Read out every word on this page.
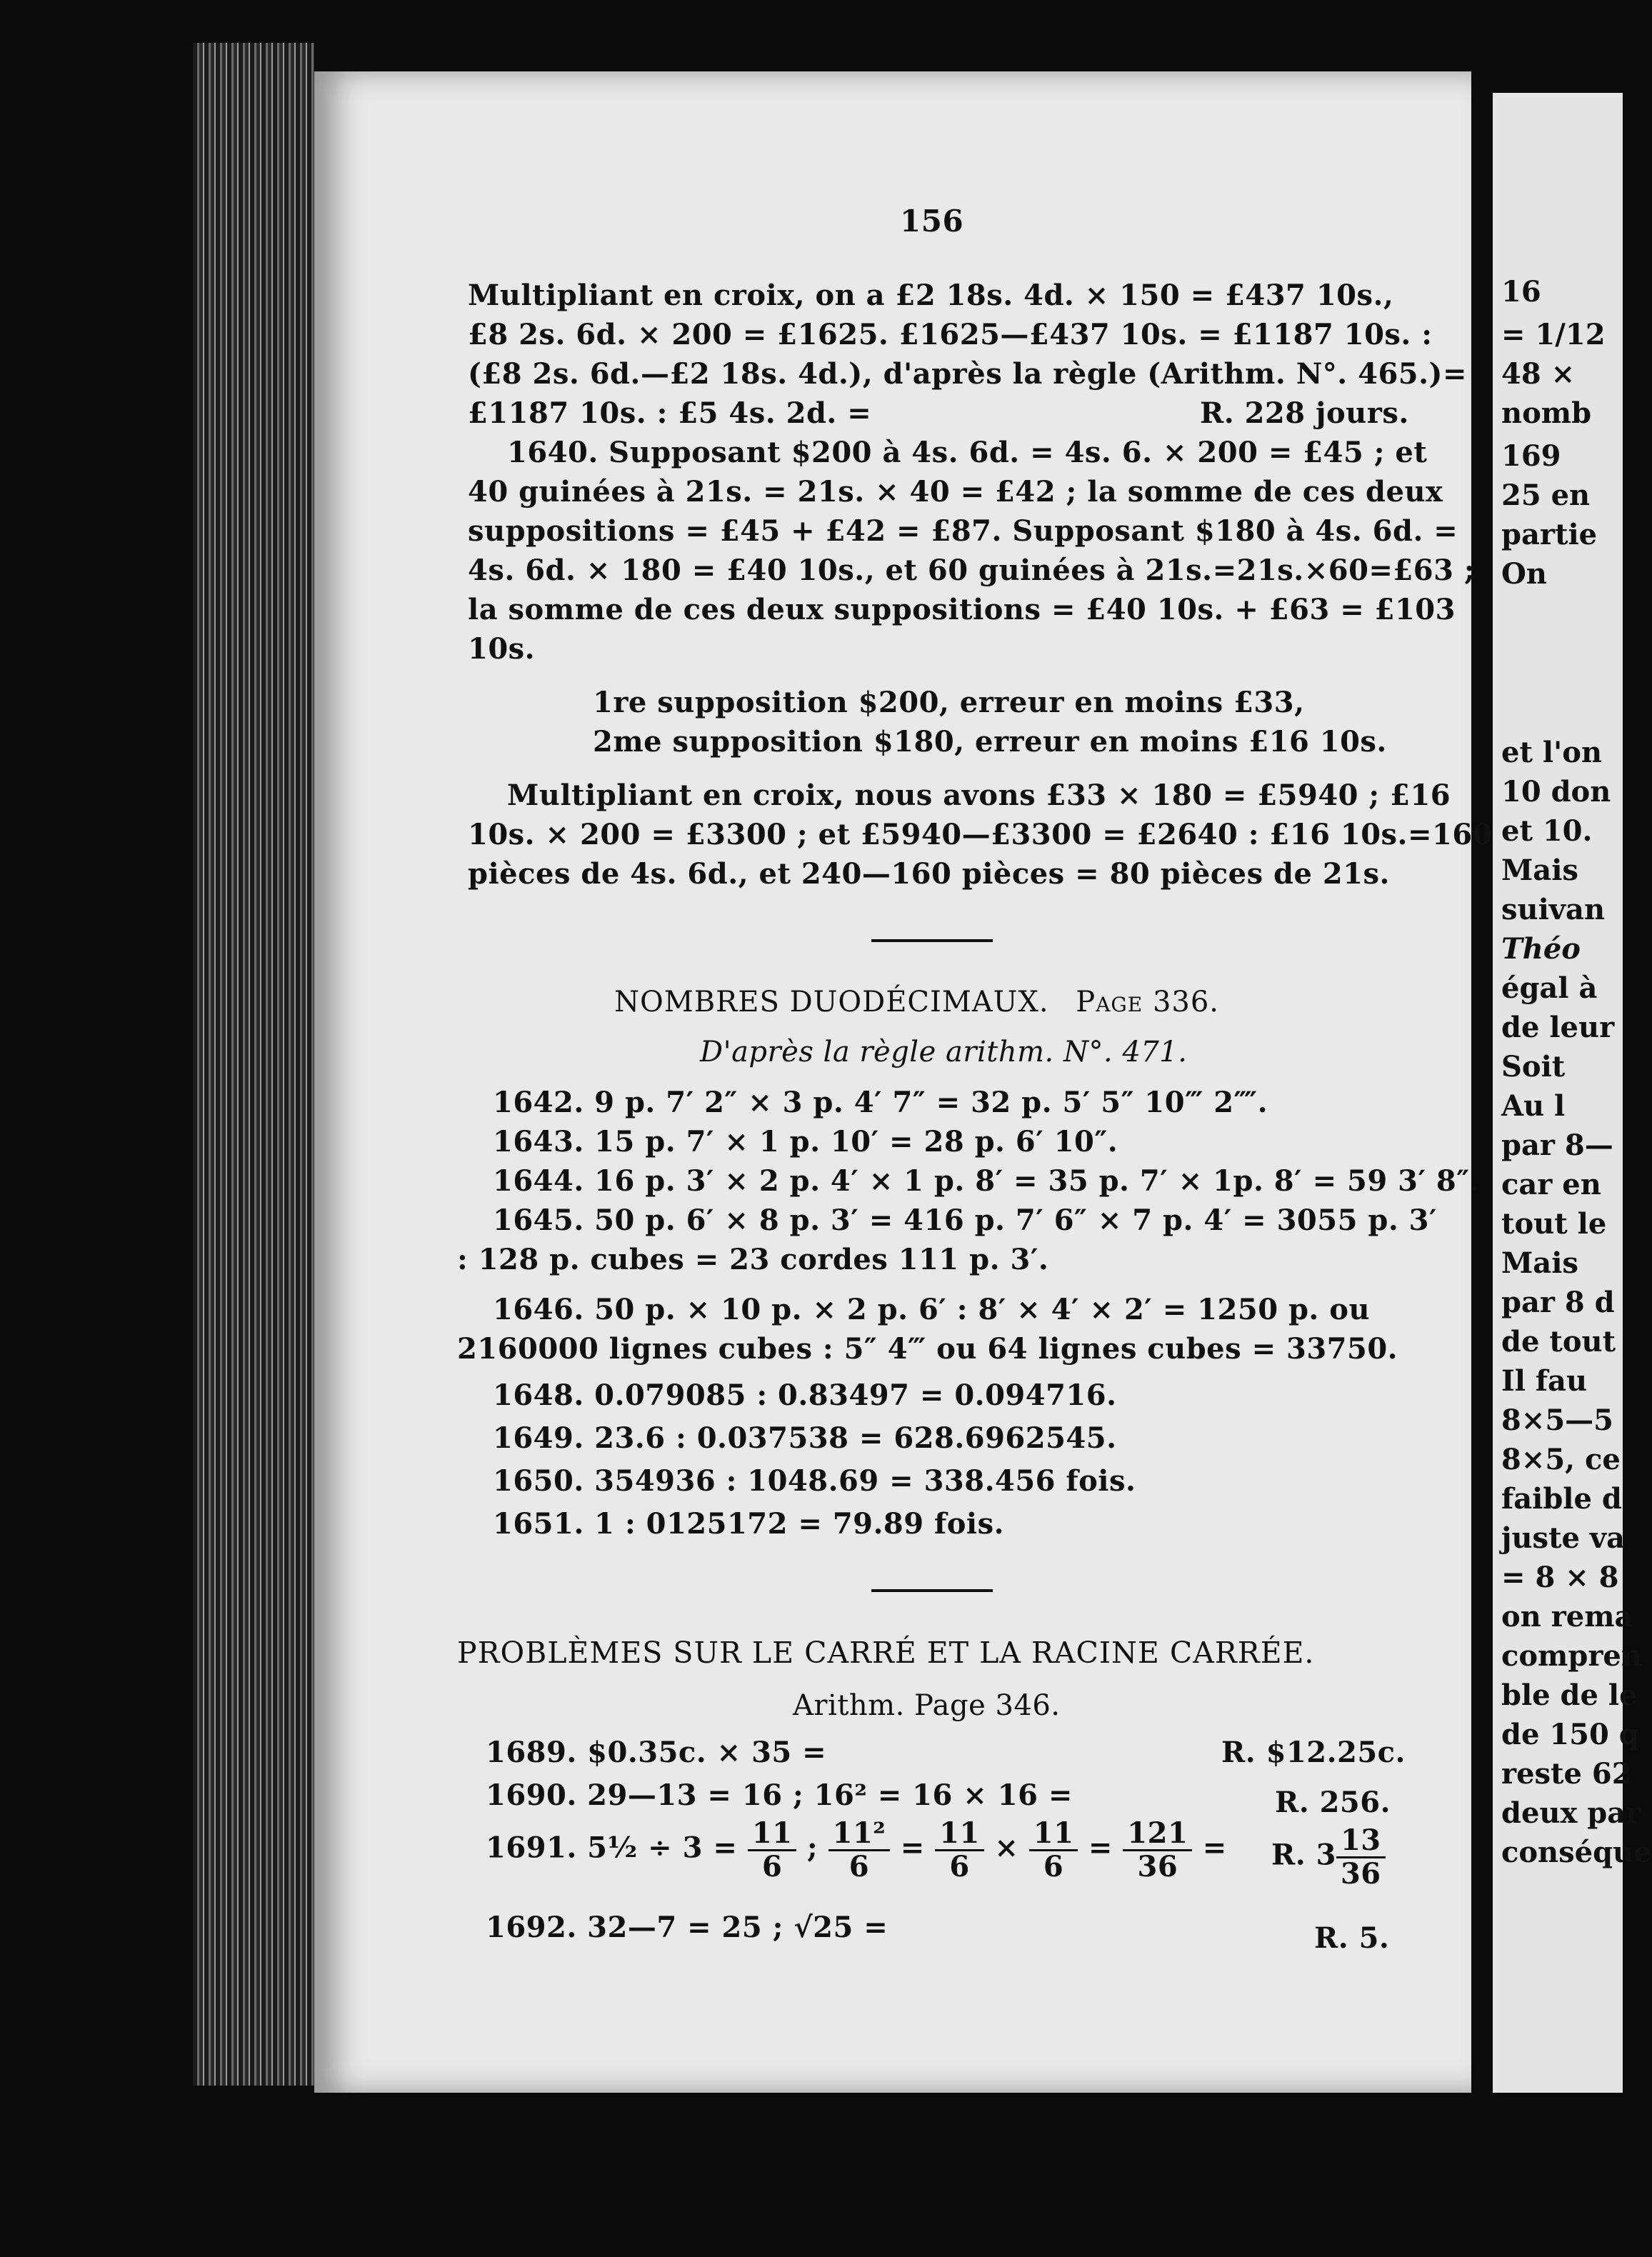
156
Multipliant en croix, on a £2 18s. 4d. × 150 = £437 10s.,
£8 2s. 6d. × 200 = £1625. £1625—£437 10s. = £1187 10s. :
(£8 2s. 6d.—£2 18s. 4d.), d'après la règle (Arithm. N°. 465.)=
£1187 10s. : £5 4s. 2d. =	R. 228 jours.
1640. Supposant $200 à 4s. 6d. = 4s. 6. × 200 = £45 ; et
40 guinées à 21s. = 21s. × 40 = £42 ; la somme de ces deux
suppositions = £45 + £42 = £87. Supposant $180 à 4s. 6d. =
4s. 6d. × 180 = £40 10s., et 60 guinées à 21s.=21s.×60=£63 ;
la somme de ces deux suppositions = £40 10s. + £63 = £103
10s.
1re supposition $200, erreur en moins £33,
2me supposition $180, erreur en moins £16 10s.
Multipliant en croix, nous avons £33 × 180 = £5940 ; £16
10s. × 200 = £3300 ; et £5940—£3300 = £2640 : £16 10s.=160
pièces de 4s. 6d., et 240—160 pièces = 80 pièces de 21s.
NOMBRES DUODÉCIMAUX. Page 336.
D'après la règle arithm. N°. 471.
1642. 9 p. 7′ 2″ × 3 p. 4′ 7″ = 32 p. 5′ 5″ 10‴ 2⁗.
1643. 15 p. 7′ × 1 p. 10′ = 28 p. 6′ 10″.
1644. 16 p. 3′ × 2 p. 4′ × 1 p. 8′ = 35 p. 7′ × 1p. 8′ = 59 3′ 8″.
1645. 50 p. 6′ × 8 p. 3′ = 416 p. 7′ 6″ × 7 p. 4′ = 3055 p. 3′
: 128 p. cubes = 23 cordes 111 p. 3′.
1646. 50 p. × 10 p. × 2 p. 6′ : 8′ × 4′ × 2′ = 1250 p. ou
2160000 lignes cubes : 5″ 4‴ ou 64 lignes cubes = 33750.
1648. 0.079085 : 0.83497 = 0.094716.
1649. 23.6 : 0.037538 = 628.6962545.
1650. 354936 : 1048.69 = 338.456 fois.
1651. 1 : 0125172 = 79.89 fois.
PROBLÈMES SUR LE CARRÉ ET LA RACINE CARRÉE.
Arithm. Page 346.
1689. $0.35c. × 35 =	R. $12.25c.
1690. 29—13 = 16 ; 16² = 16 × 16 =	R. 256.
1691. 5½ ÷ $3 = \frac{11}{6}$ ; $\frac{\text{11²}}{6} = \frac{11}{6} \times \frac{11}{6} = \frac{121}{36} = R$. $3 \frac{13}{36}$
1692. 32—7 = 25 ; √25 =	R. 5.
16
= 1/12
48 ×
nomb
169
25 en
partie
On
et l'on
10 don
et 10.
Mais
suivan
Théo
égal à
de leur
Soit
Au l
par 8—
car en
tout le
Mais
par 8 d
de tout
Il fau
8×5—5
8×5, ce
faible d
juste va
= 8 × 8
on rema
compren
ble de le
de 150 q
reste 62
deux par
conséque
